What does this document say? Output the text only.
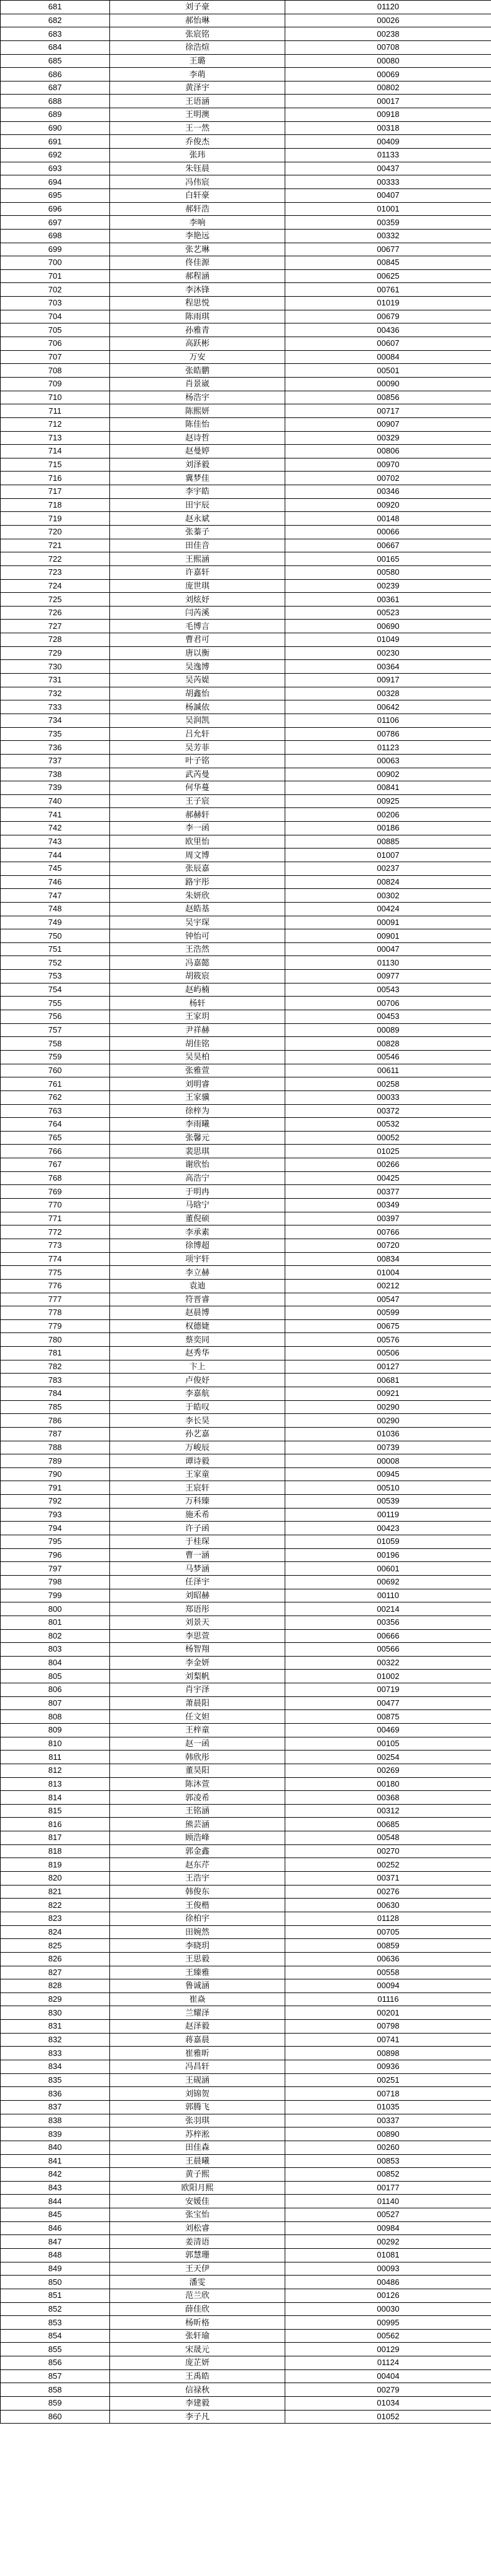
681	刘子豪	01120
682	郝怡琳	00026
683	张宸铭	00238
684	徐浩煊	00708
685	王璐	00080
686	李萌	00069
687	黄泽宇	00802
688	王语涵	00017
689	王明澳	00918
690	王一然	00318
691	乔俊杰	00409
692	张玮	01133
693	朱钰晨	00437
694	冯伟宸	00333
695	白轩豪	00407
696	郝轩浩	01001
697	李响	00359
698	李艳远	00332
699	张艺琳	00677
700	佟佳源	00845
701	郝程涵	00625
702	李沐锋	00761
703	程思悦	01019
704	陈雨琪	00679
705	孙雅青	00436
706	高跃彬	00607
707	万安	00084
708	张皓鹏	00501
709	肖景崴	00090
710	杨浩宇	00856
711	陈熙妍	00717
712	陈佳怡	00907
713	赵诗哲	00329
714	赵曼婷	00806
715	刘泽毅	00970
716	冀梦佳	00702
717	李宇皓	00346
718	田宇辰	00920
719	赵永斌	00148
720	张蓁子	00066
721	田佳音	00667
722	王熙涵	00165
723	许嘉轩	00580
724	庞世琪	00239
725	刘炫妤	00361
726	闫芮溪	00523
727	毛博言	00690
728	曹君可	01049
729	唐以衡	00230
730	吴逸博	00364
731	吴芮媞	00917
732	胡鑫怡	00328
733	杨諴依	00642
734	吴润凯	01106
735	吕允轩	00786
736	吴芳菲	01123
737	叶子铭	00063
738	武芮曼	00902
739	何华蔓	00841
740	王子宸	00925
741	郝赫轩	00206
742	李一函	00186
743	欧里怡	00885
744	周文博	01007
745	张辰嘉	00237
746	路宇彤	00824
747	朱妍欣	00302
748	赵皓基	00424
749	吴宇琛	00091
750	钟怡可	00901
751	王浩然	00047
752	冯嘉懿	01130
753	胡筱宸	00977
754	赵屿楠	00543
755	杨轩	00706
756	王家玥	00453
757	尹祥赫	00089
758	胡佳铭	00828
759	吴昊柏	00546
760	张雅萱	00611
761	刘明睿	00258
762	王家骥	00033
763	徐梓为	00372
764	李雨曦	00532
765	张馨元	00052
766	裴思琪	01025
767	谢欣怡	00266
768	高浩宁	00425
769	于明冉	00377
770	马晗宁	00349
771	董倪硕	00397
772	李承素	00766
773	徐博超	00720
774	项宇轩	00834
775	李立赫	01004
776	袁迪	00212
777	符晋睿	00547
778	赵晨博	00599
779	权德婕	00675
780	蔡奕同	00576
781	赵秀华	00506
782	卞上	00127
783	卢俊妤	00681
784	李嘉航	00921
785	于皓叹	00290
786	李长昊	00290
787	孙艺嘉	01036
788	万峻辰	00739
789	谭诗毅	00008
790	王家童	00945
791	王宸轩	00510
792	万科臻	00539
793	施禾希	00119
794	许子函	00423
795	于桂琛	01059
796	曹一涵	00196
797	马梦涵	00601
798	任泽宇	00692
799	刘昭赫	00110
800	郑语彤	00214
801	刘景天	00356
802	李思萱	00666
803	杨智翔	00566
804	李金妍	00322
805	刘梨帆	01002
806	肖宇泽	00719
807	萧晨阳	00477
808	任文妲	00875
809	王梓童	00469
810	赵一函	00105
811	韩欣彤	00254
812	董昊阳	00269
813	陈沐萱	00180
814	郭凌希	00368
815	王铭涵	00312
816	熊芸涵	00685
817	顾浩峰	00548
818	郭金鑫	00270
819	赵东芹	00252
820	王浩宇	00371
821	韩俊东	00276
822	王俊楷	00630
823	徐柏宇	01128
824	田婉然	00705
825	李晓玥	00859
826	王思毅	00636
827	王臻雅	00558
828	鲁诚涵	00094
829	崔焱	01116
830	兰耀泽	00201
831	赵泽毅	00798
832	蒋嘉晨	00741
833	崔雅昕	00898
834	冯昌轩	00936
835	王砚涵	00251
836	刘锦贺	00718
837	郭腾飞	01035
838	张羽琪	00337
839	苏梓淞	00890
840	田佳森	00260
841	王晨曦	00853
842	黄子熙	00852
843	欧阳月熙	00177
844	安媛佳	01140
845	张宝怡	00527
846	刘松睿	00984
847	姜清语	00292
848	郭慧珊	01081
849	王天伊	00093
850	潘雯	00486
851	范兰欣	00126
852	薛佳欣	00030
853	杨昕格	00995
854	张轩瑜	00562
855	宋晟元	00129
856	庞芷妍	01124
857	王禹皓	00404
858	信禄秋	00279
859	李建毅	01034
860	李子凡	01052
